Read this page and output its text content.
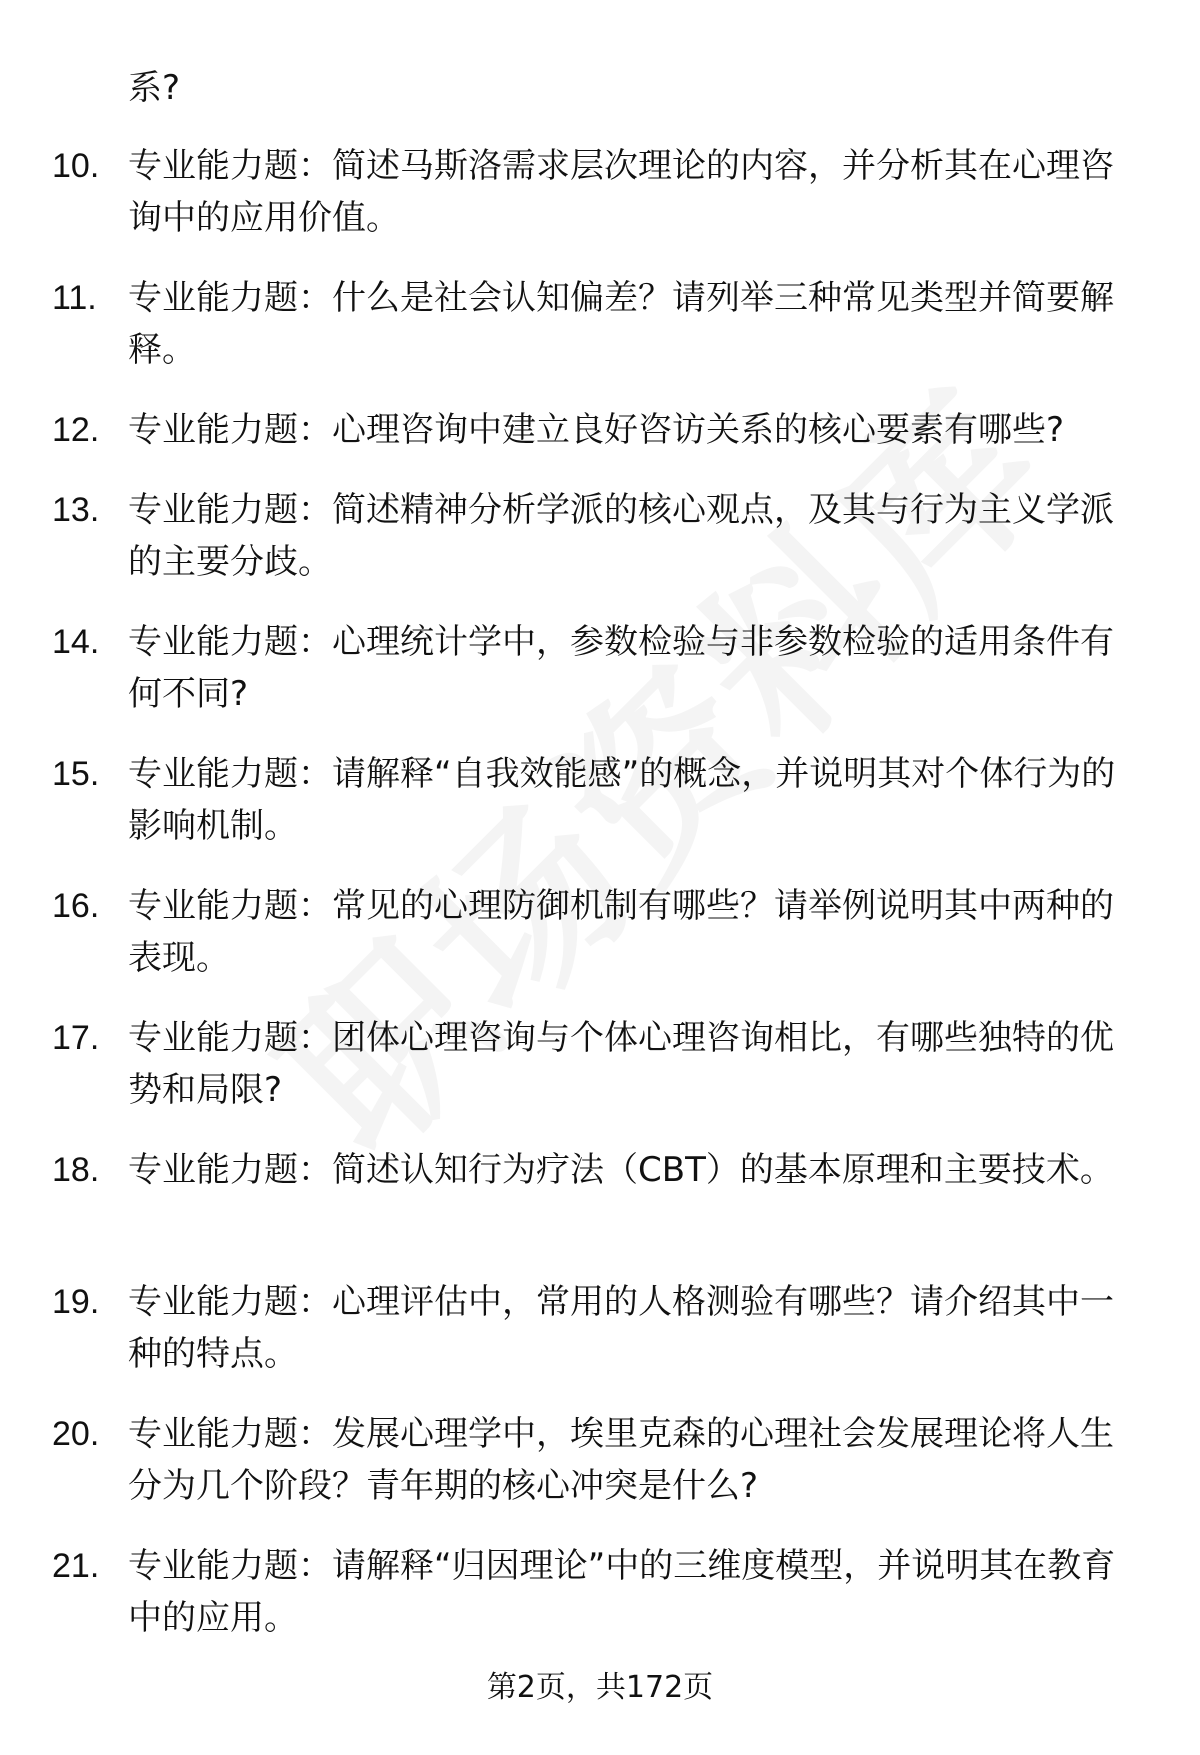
系?
10. 专业能力题：简述马斯洛需求层次理论的内容，并分析其在心理咨询中的应用价值。
11. 专业能力题：什么是社会认知偏差？请列举三种常见类型并简要解释。
12. 专业能力题：心理咨询中建立良好咨访关系的核心要素有哪些?
13. 专业能力题：简述精神分析学派的核心观点，及其与行为主义学派的主要分歧。
14. 专业能力题：心理统计学中，参数检验与非参数检验的适用条件有何不同?
15. 专业能力题：请解释“自我效能感”的概念，并说明其对个体行为的影响机制。
16. 专业能力题：常见的心理防御机制有哪些？请举例说明其中两种的表现。
17. 专业能力题：团体心理咨询与个体心理咨询相比，有哪些独特的优势和局限?
18. 专业能力题：简述认知行为疗法（CBT）的基本原理和主要技术。
19. 专业能力题：心理评估中，常用的人格测验有哪些？请介绍其中一种的特点。
20. 专业能力题：发展心理学中，埃里克森的心理社会发展理论将人生分为几个阶段？青年期的核心冲突是什么?
21. 专业能力题：请解释“归因理论”中的三维度模型，并说明其在教育中的应用。
第2页，共172页
